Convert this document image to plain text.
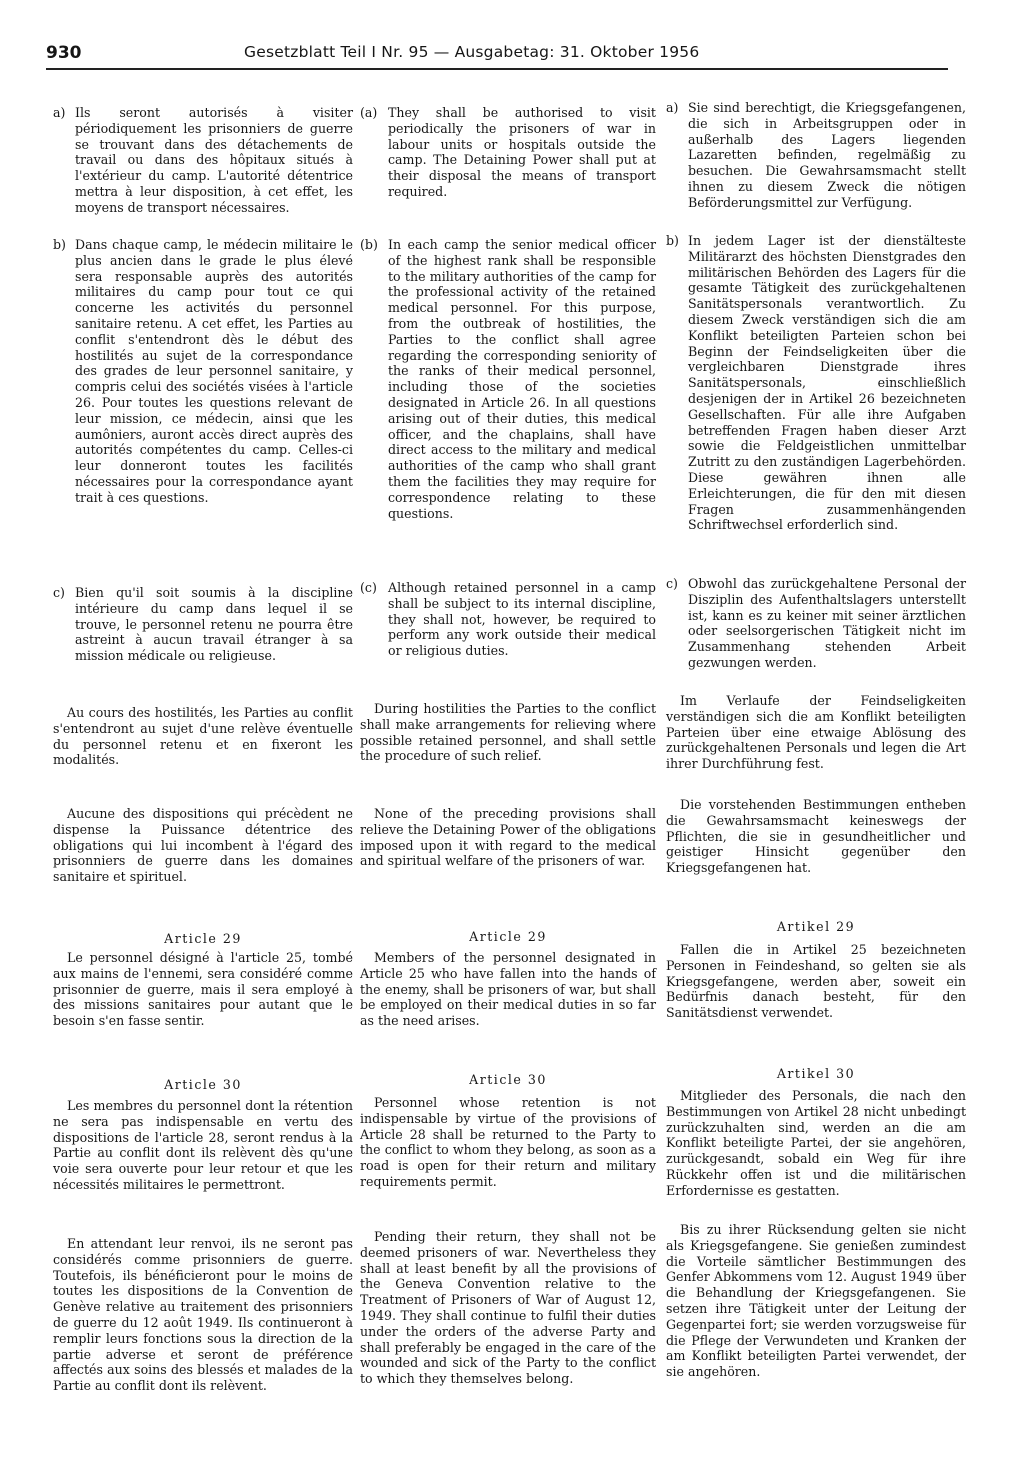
930	Gesetzblatt Teil I Nr. 95 — Ausgabetag: 31. Oktober 1956
a) Ils seront autorisés à visiter périodiquement les prisonniers de guerre se trouvant dans des détachements de travail ou dans des hôpitaux situés à l'extérieur du camp. L'autorité détentrice mettra à leur disposition, à cet effet, les moyens de transport nécessaires.
b) Dans chaque camp, le médecin militaire le plus ancien dans le grade le plus élevé sera responsable auprès des autorités militaires du camp pour tout ce qui concerne les activités du personnel sanitaire retenu. A cet effet, les Parties au conflit s'entendront dès le début des hostilités au sujet de la correspondance des grades de leur personnel sanitaire, y compris celui des sociétés visées à l'article 26. Pour toutes les questions relevant de leur mission, ce médecin, ainsi que les aumôniers, auront accès direct auprès des autorités compétentes du camp. Celles-ci leur donneront toutes les facilités nécessaires pour la correspondance ayant trait à ces questions.
c) Bien qu'il soit soumis à la discipline intérieure du camp dans lequel il se trouve, le personnel retenu ne pourra être astreint à aucun travail étranger à sa mission médicale ou religieuse.
Au cours des hostilités, les Parties au conflit s'entendront au sujet d'une relève éventuelle du personnel retenu et en fixeront les modalités.
Aucune des dispositions qui précèdent ne dispense la Puissance détentrice des obligations qui lui incombent à l'égard des prisonniers de guerre dans les domaines sanitaire et spirituel.
Article 29
Le personnel désigné à l'article 25, tombé aux mains de l'ennemi, sera considéré comme prisonnier de guerre, mais il sera employé à des missions sanitaires pour autant que le besoin s'en fasse sentir.
Article 30
Les membres du personnel dont la rétention ne sera pas indispensable en vertu des dispositions de l'article 28, seront rendus à la Partie au conflit dont ils relèvent dès qu'une voie sera ouverte pour leur retour et que les nécessités militaires le permettront.
En attendant leur renvoi, ils ne seront pas considérés comme prisonniers de guerre. Toutefois, ils bénéficieront pour le moins de toutes les dispositions de la Convention de Genève relative au traitement des prisonniers de guerre du 12 août 1949. Ils continueront à remplir leurs fonctions sous la direction de la partie adverse et seront de préférence affectés aux soins des blessés et malades de la Partie au conflit dont ils relèvent.
(a) They shall be authorised to visit periodically the prisoners of war in labour units or hospitals outside the camp. The Detaining Power shall put at their disposal the means of transport required.
(b) In each camp the senior medical officer of the highest rank shall be responsible to the military authorities of the camp for the professional activity of the retained medical personnel. For this purpose, from the outbreak of hostilities, the Parties to the conflict shall agree regarding the corresponding seniority of the ranks of their medical personnel, including those of the societies designated in Article 26. In all questions arising out of their duties, this medical officer, and the chaplains, shall have direct access to the military and medical authorities of the camp who shall grant them the facilities they may require for correspondence relating to these questions.
(c) Although retained personnel in a camp shall be subject to its internal discipline, they shall not, however, be required to perform any work outside their medical or religious duties.
During hostilities the Parties to the conflict shall make arrangements for relieving where possible retained personnel, and shall settle the procedure of such relief.
None of the preceding provisions shall relieve the Detaining Power of the obligations imposed upon it with regard to the medical and spiritual welfare of the prisoners of war.
Article 29
Members of the personnel designated in Article 25 who have fallen into the hands of the enemy, shall be prisoners of war, but shall be employed on their medical duties in so far as the need arises.
Article 30
Personnel whose retention is not indispensable by virtue of the provisions of Article 28 shall be returned to the Party to the conflict to whom they belong, as soon as a road is open for their return and military requirements permit.
Pending their return, they shall not be deemed prisoners of war. Nevertheless they shall at least benefit by all the provisions of the Geneva Convention relative to the Treatment of Prisoners of War of August 12, 1949. They shall continue to fulfil their duties under the orders of the adverse Party and shall preferably be engaged in the care of the wounded and sick of the Party to the conflict to which they themselves belong.
a) Sie sind berechtigt, die Kriegsgefangenen, die sich in Arbeitsgruppen oder in außerhalb des Lagers liegenden Lazaretten befinden, regelmäßig zu besuchen. Die Gewahrsamsmacht stellt ihnen zu diesem Zweck die nötigen Beförderungsmittel zur Verfügung.
b) In jedem Lager ist der dienstälteste Militärarzt des höchsten Dienstgrades den militärischen Behörden des Lagers für die gesamte Tätigkeit des zurückgehaltenen Sanitätspersonals verantwortlich. Zu diesem Zweck verständigen sich die am Konflikt beteiligten Parteien schon bei Beginn der Feindseligkeiten über die vergleichbaren Dienstgrade ihres Sanitätspersonals, einschließlich desjenigen der in Artikel 26 bezeichneten Gesellschaften. Für alle ihre Aufgaben betreffenden Fragen haben dieser Arzt sowie die Feldgeistlichen unmittelbar Zutritt zu den zuständigen Lagerbehörden. Diese gewähren ihnen alle Erleichterungen, die für den mit diesen Fragen zusammenhängenden Schriftwechsel erforderlich sind.
c) Obwohl das zurückgehaltene Personal der Disziplin des Aufenthaltslagers unterstellt ist, kann es zu keiner mit seiner ärztlichen oder seelsorgerischen Tätigkeit nicht im Zusammenhang stehenden Arbeit gezwungen werden.
Im Verlaufe der Feindseligkeiten verständigen sich die am Konflikt beteiligten Parteien über eine etwaige Ablösung des zurückgehaltenen Personals und legen die Art ihrer Durchführung fest.
Die vorstehenden Bestimmungen entheben die Gewahrsamsmacht keineswegs der Pflichten, die sie in gesundheitlicher und geistiger Hinsicht gegenüber den Kriegsgefangenen hat.
Artikel 29
Fallen die in Artikel 25 bezeichneten Personen in Feindeshand, so gelten sie als Kriegsgefangene, werden aber, soweit ein Bedürfnis danach besteht, für den Sanitätsdienst verwendet.
Artikel 30
Mitglieder des Personals, die nach den Bestimmungen von Artikel 28 nicht unbedingt zurückzuhalten sind, werden an die am Konflikt beteiligte Partei, der sie angehören, zurückgesandt, sobald ein Weg für ihre Rückkehr offen ist und die militärischen Erfordernisse es gestatten.
Bis zu ihrer Rücksendung gelten sie nicht als Kriegsgefangene. Sie genießen zumindest die Vorteile sämtlicher Bestimmungen des Genfer Abkommens vom 12. August 1949 über die Behandlung der Kriegsgefangenen. Sie setzen ihre Tätigkeit unter der Leitung der Gegenpartei fort; sie werden vorzugsweise für die Pflege der Verwundeten und Kranken der am Konflikt beteiligten Partei verwendet, der sie angehören.
